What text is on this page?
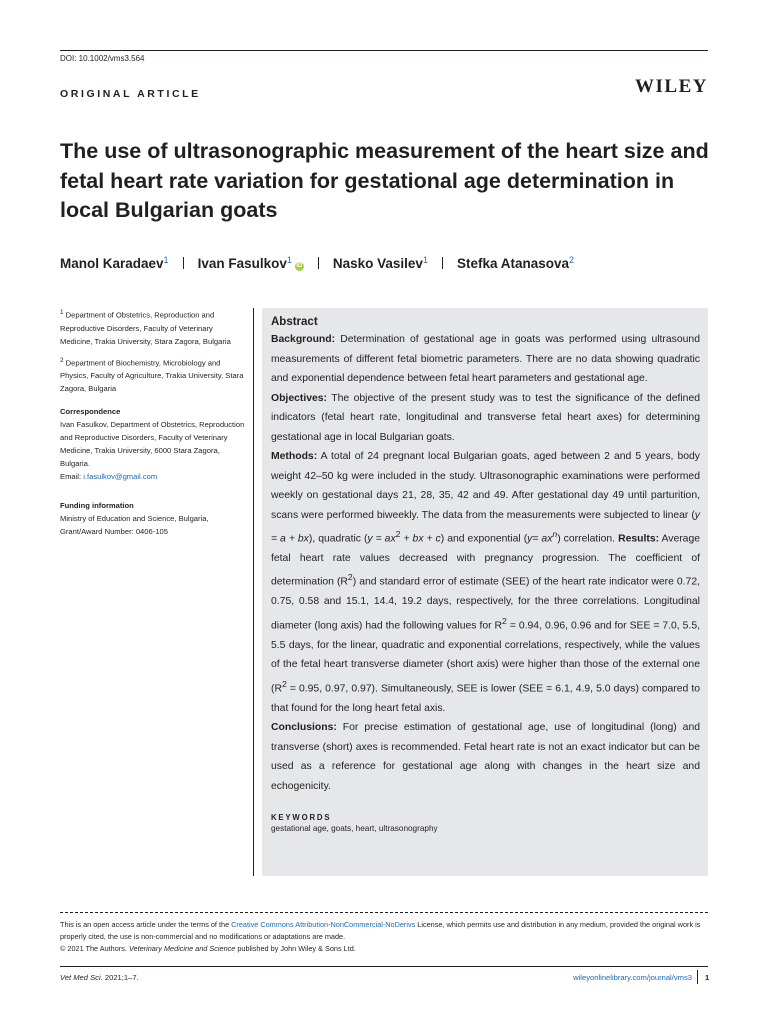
DOI: 10.1002/vms3.564
ORIGINAL ARTICLE	WILEY
The use of ultrasonographic measurement of the heart size and fetal heart rate variation for gestational age determination in local Bulgarian goats
Manol Karadaev$^1$ Ivan Fasulkov$^1$iD Nasko Vasilev$^1$ Stefka Atanasova$^2$

$^1$ Department of Obstetrics, Reproduction and Reproductive Disorders, Faculty of Veterinary Medicine, Trakia University, Stara Zagora, Bulgaria

$^2$ Department of Biochemistry, Microbiology and Physics, Faculty of Agriculture, Trakia University, Stara Zagora, Bulgaria

Correspondence

Ivan Fasulkov, Department of Obstetrics, Reproduction and Reproductive Disorders, Faculty of Veterinary Medicine, Trakia University, 6000 Stara Zagora, Bulgaria.
Email: i.fasulkov@gmail.com

Funding information

Ministry of Education and Science, Bulgaria,
Grant/Award Number: 0406-105

Abstract

Background: Determination of gestational age in goats was performed using ultrasound measurements of different fetal biometric parameters. There are no data showing quadratic and exponential dependence between fetal heart parameters and gestational age.

Objectives: The objective of the present study was to test the significance of the defined indicators (fetal heart rate, longitudinal and transverse fetal heart axes) for determining gestational age in local Bulgarian goats.

Methods: A total of 24 pregnant local Bulgarian goats, aged between 2 and 5 years, body weight 42–50 kg were included in the study. Ultrasonographic examinations were performed weekly on gestational days 21, 28, 35, 42 and 49. After gestational day 49 until parturition, scans were performed biweekly. The data from the measurements were subjected to linear (y = a + bx), quadratic ($y = ax^2$ + bx + c) and exponential $(y= ax^n)$ correlation. Results: Average fetal heart rate values decreased with pregnancy progression. The coefficient of determination $(R^2)$ and standard error of estimate (SEE) of the heart rate indicator were 0.72, 0.75, 0.58 and 15.1, 14.4, 19.2 days, respectively, for the three correlations. Longitudinal diameter (long axis) had the following values for $R^2 = 0.94$, 0.96, 0.96 and for SEE = 7.0, 5.5, 5.5 days, for the linear, quadratic and exponential correlations, respectively, while the values of the fetal heart transverse diameter (short axis) were higher than those of the external one ($R^2 = 0.95$, 0.97, 0.97). Simultaneously, SEE is lower (SEE = 6.1, 4.9, 5.0 days) compared to that found for the long heart fetal axis.

Conclusions: For precise estimation of gestational age, use of longitudinal (long) and transverse (short) axes is recommended. Fetal heart rate is not an exact indicator but can be used as a reference for gestational age along with changes in the heart size and echogenicity.

KEYWORDS

gestational age, goats, heart, ultrasonography

This is an open access article under the terms of the Creative Commons Attribution-NonCommercial-NoDerivs License, which permits use and distribution in any medium, provided the original work is properly cited, the use is non-commercial and no modifications or adaptations are made.
© 2021 The Authors. Veterinary Medicine and Science published by John Wiley & Sons Ltd.
Vet Med Sci. 2021;1–7.	wileyonlinelibrary.com/journal/vms3 1
